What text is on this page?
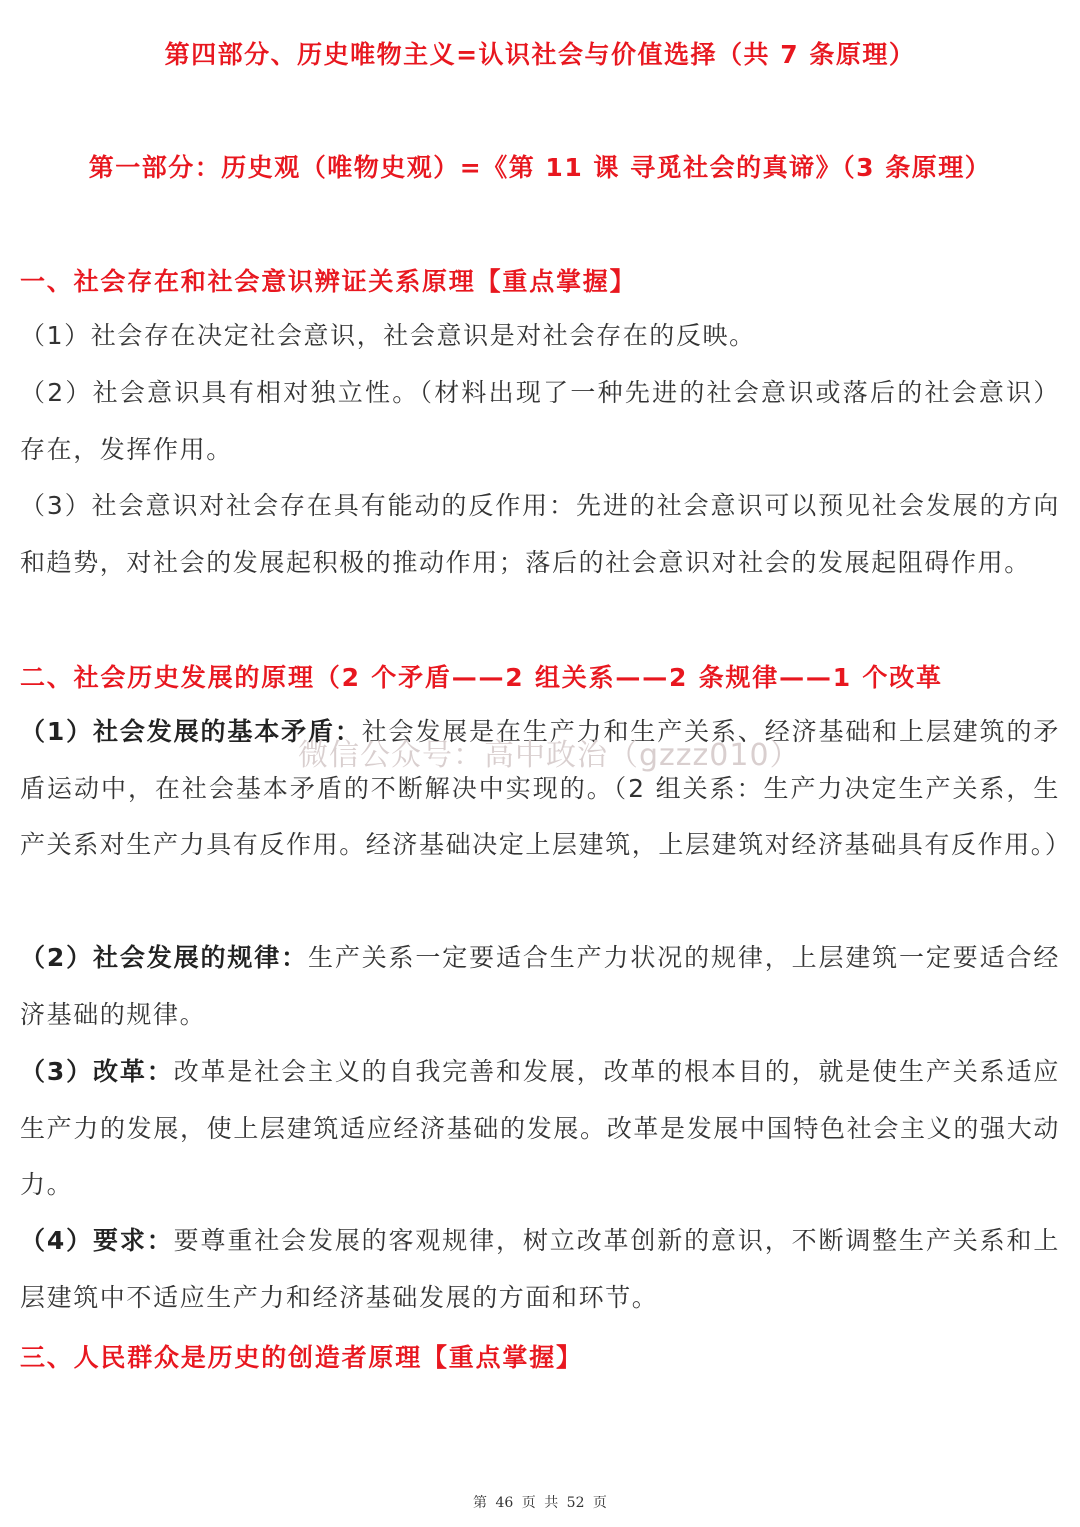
第四部分、历史唯物主义=认识社会与价值选择（共 7 条原理）
第一部分：历史观（唯物史观）=《第 11 课 寻觅社会的真谛》（3 条原理）
一、社会存在和社会意识辨证关系原理【重点掌握】

（1）社会存在决定社会意识，社会意识是对社会存在的反映。

（2）社会意识具有相对独立性。（材料出现了一种先进的社会意识或落后的社会意识）存在，发挥作用。

（3）社会意识对社会存在具有能动的反作用：先进的社会意识可以预见社会发展的方向和趋势，对社会的发展起积极的推动作用；落后的社会意识对社会的发展起阻碍作用。

二、社会历史发展的原理（2 个矛盾——2 组关系——2 条规律——1 个改革

（1）社会发展的基本矛盾：社会发展是在生产力和生产关系、经济基础和上层建筑的矛盾运动中，在社会基本矛盾的不断解决中实现的。（2 组关系：生产力决定生产关系，生产关系对生产力具有反作用。经济基础决定上层建筑，上层建筑对经济基础具有反作用。）

（2）社会发展的规律：生产关系一定要适合生产力状况的规律，上层建筑一定要适合经济基础的规律。

（3）改革：改革是社会主义的自我完善和发展，改革的根本目的，就是使生产关系适应生产力的发展，使上层建筑适应经济基础的发展。改革是发展中国特色社会主义的强大动力。

（4）要求：要尊重社会发展的客观规律，树立改革创新的意识，不断调整生产关系和上层建筑中不适应生产力和经济基础发展的方面和环节。

三、人民群众是历史的创造者原理【重点掌握】
微信公众号：高中政治（gzzz010）
第 46 页 共 52 页
